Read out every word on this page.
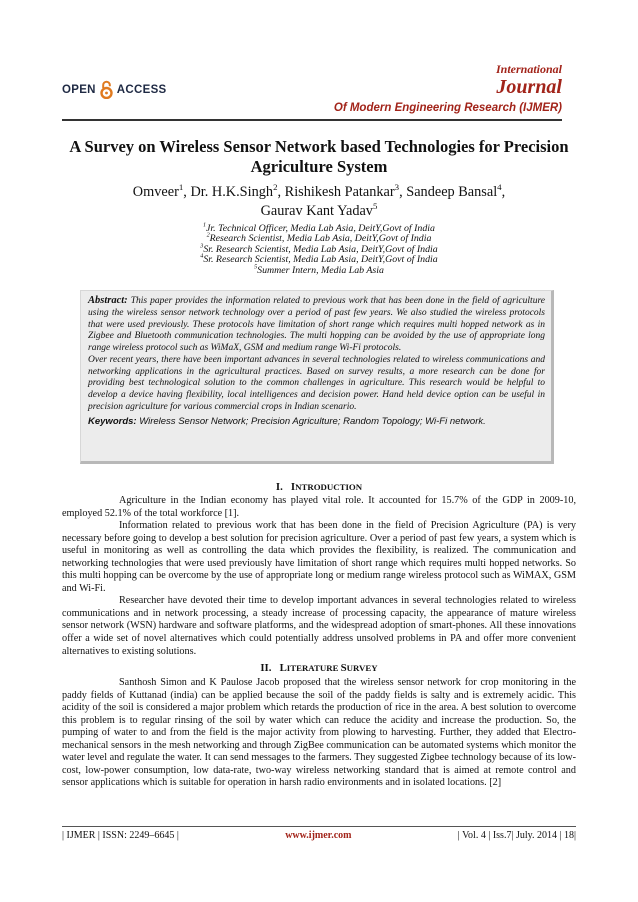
OPEN ACCESS
International
Journal
Of Modern Engineering Research (IJMER)
A Survey on Wireless Sensor Network based Technologies for Precision Agriculture System
Omveer$^1$, Dr. H.K.Singh$^2$, Rishikesh Patankar$^3$, Sandeep Bansal$^4$,
Gaurav Kant Yadav$^5$
$^1$Jr. Technical Officer, Media Lab Asia, DeitY,Govt of India
$^2$Research Scientist, Media Lab Asia, DeitY,Govt of India
$^3$Sr. Research Scientist, Media Lab Asia, DeitY,Govt of India
$^4$Sr. Research Scientist, Media Lab Asia, DeitY,Govt of India
$^5$Summer Intern, Media Lab Asia

Abstract: This paper provides the information related to previous work that has been done in the field of agriculture using the wireless sensor network technology over a period of past few years. We also studied the wireless protocols that were used previously. These protocols have limitation of short range which requires multi hopped network as in Zigbee and Bluetooth communication technologies. The multi hopping can be avoided by the use of appropriate long range wireless protocol such as WiMaX, GSM and medium range Wi-Fi protocols.

Over recent years, there have been important advances in several technologies related to wireless communications and networking applications in the agricultural practices. Based on survey results, a more research can be done for providing best technological solution to the common challenges in agriculture. This research would be helpful to develop a device having flexibility, local intelligences and decision power. Hand held device option can be useful in precision agriculture for various commercial crops in Indian scenario.

Keywords: Wireless Sensor Network; Precision Agriculture; Random Topology; Wi-Fi network.

I. INTRODUCTION

Agriculture in the Indian economy has played vital role. It accounted for 15.7% of the GDP in 2009-10, employed 52.1% of the total workforce [1].

Information related to previous work that has been done in the field of Precision Agriculture (PA) is very necessary before going to develop a best solution for precision agriculture. Over a period of past few years, a system which is useful in monitoring as well as controlling the data which provides the flexibility, is realized. The communication and networking technologies that were used previously have limitation of short range which requires multi hopped networks. So this multi hopping can be overcome by the use of appropriate long or medium range wireless protocol such as WiMAX, GSM and Wi-Fi.

Researcher have devoted their time to develop important advances in several technologies related to wireless communications and in network processing, a steady increase of processing capacity, the appearance of mature wireless sensor network (WSN) hardware and software platforms, and the widespread adoption of smart-phones. All these innovations offer a wide set of novel alternatives which could potentially address unsolved problems in PA and offer more convenient alternatives to existing solutions.

II. LITERATURE SURVEY

Santhosh Simon and K Paulose Jacob proposed that the wireless sensor network for crop monitoring in the paddy fields of Kuttanad (india) can be applied because the soil of the paddy fields is salty and is extremely acidic. This acidity of the soil is considered a major problem which retards the production of rice in the area. A best solution to overcome this problem is to regular rinsing of the soil by water which can reduce the acidity and increase the production. So, the pumping of water to and from the field is the major activity from plowing to harvesting. Further, they added that Electro-mechanical sensors in the mesh networking and through ZigBee communication can be automated systems which monitor the water level and regulate the water. It can send messages to the farmers. They suggested Zigbee technology because of its low-cost, low-power consumption, low data-rate, two-way wireless networking standard that is aimed at remote control and sensor applications which is suitable for operation in harsh radio environments and in isolated locations. [2]

| IJMER | ISSN: 2249–6645 |	www.ijmer.com	| Vol. 4 | Iss.7| July. 2014 | 18|
